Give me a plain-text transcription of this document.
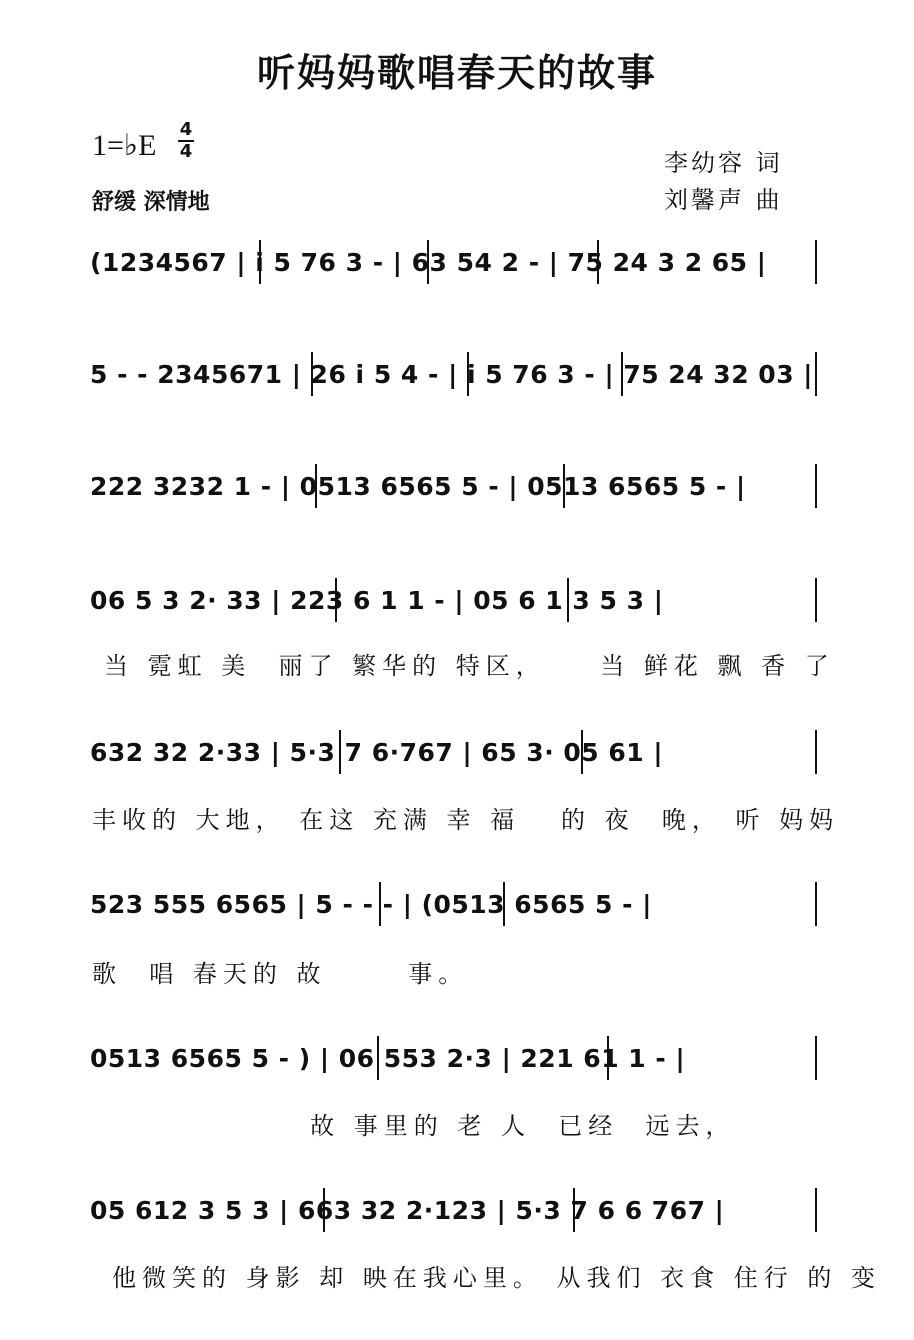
听妈妈歌唱春天的故事
1=♭E 4
4
舒缓 深情地
李幼容 词
刘馨声 曲
(1234567 | i 5 76 3 - | 63 54 2 - | 75 24 3 2 65 |
5 - - 2345671 | 26 i 5 4 - | i 5 76 3 - | 75 24 32 03 |
222 3232 1 - | 0513 6565 5 - | 0513 6565 5 - |
06 5 3 2· 33 | 223 6 1 1 - | 05 6 1 3 5 3 |
当 霓虹 美  丽了 繁华的 特区，    当 鲜花 飘 香 了
632 32 2·33 | 5·3 7 6·767 | 65 3· 05 61 |
丰收的 大地， 在这 充满 幸 福   的 夜  晚， 听 妈妈
523 555 6565 | 5 - - - | (0513 6565 5 - |
歌  唱 春天的 故      事。
0513 6565 5 - ) | 06 553 2·3 | 221 61 1 - |
故 事里的 老 人  已经  远去，
05 612 3 5 3 | 663 32 2·123 | 5·3 7 6 6 767 |
他微笑的 身影 却 映在我心里。 从我们 衣食 住行 的 变
